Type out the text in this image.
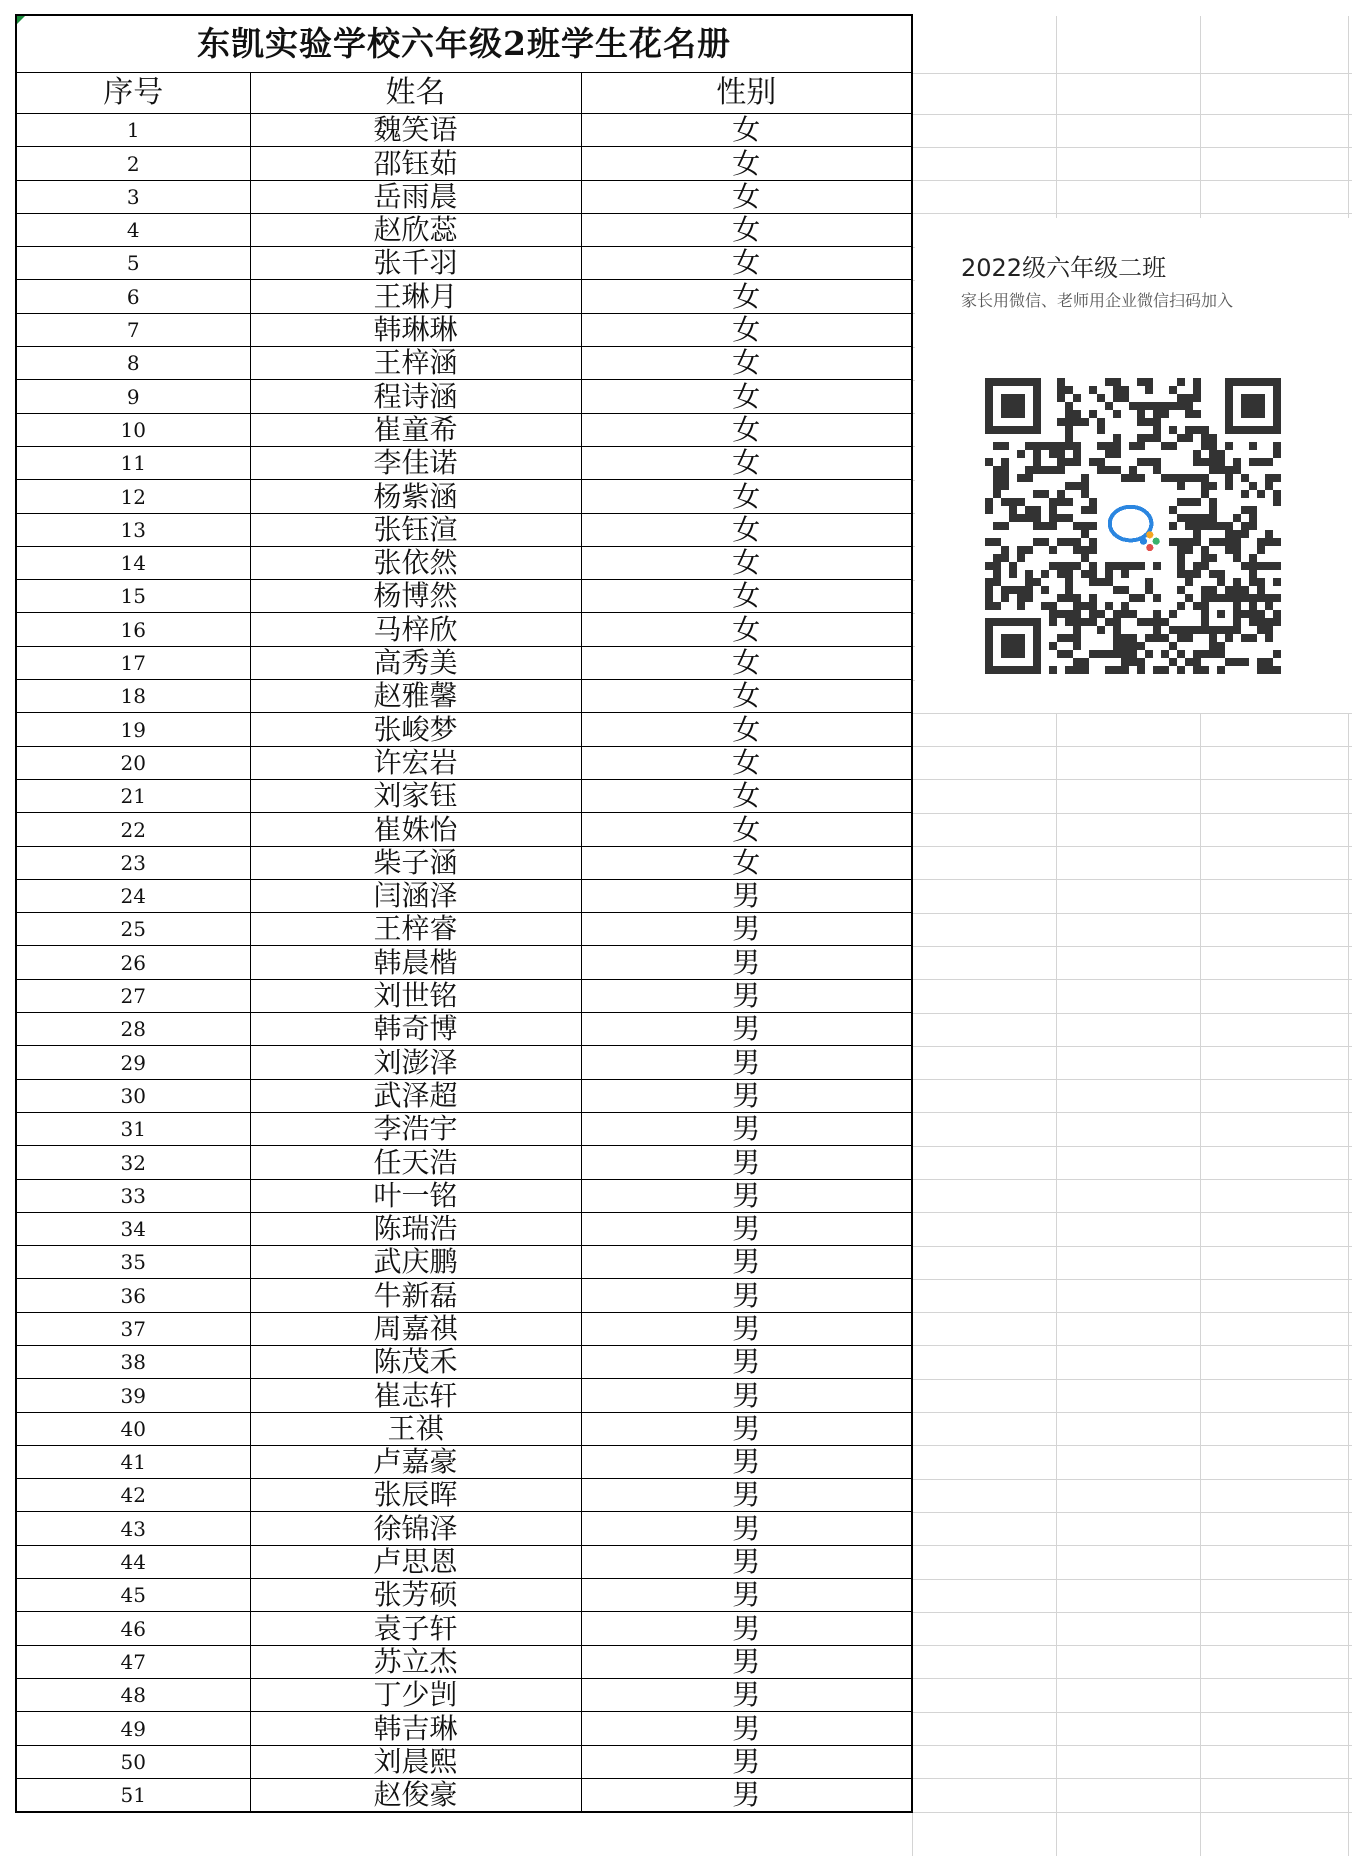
东凯实验学校六年级2班学生花名册		
序号	姓名	性别
1	魏笑语	女
2	邵钰茹	女
3	岳雨晨	女
4	赵欣蕊	女
5	张千羽	女
6	王琳月	女
7	韩琳琳	女
8	王梓涵	女
9	程诗涵	女
10	崔童希	女
11	李佳诺	女
12	杨紫涵	女
13	张钰渲	女
14	张依然	女
15	杨博然	女
16	马梓欣	女
17	高秀美	女
18	赵雅馨	女
19	张峻梦	女
20	许宏岩	女
21	刘家钰	女
22	崔姝怡	女
23	柴子涵	女
24	闫涵泽	男
25	王梓睿	男
26	韩晨楷	男
27	刘世铭	男
28	韩奇博	男
29	刘澎泽	男
30	武泽超	男
31	李浩宇	男
32	任天浩	男
33	叶一铭	男
34	陈瑞浩	男
35	武庆鹏	男
36	牛新磊	男
37	周嘉祺	男
38	陈茂禾	男
39	崔志轩	男
40	王祺	男
41	卢嘉豪	男
42	张辰晖	男
43	徐锦泽	男
44	卢思恩	男
45	张芳硕	男
46	袁子轩	男
47	苏立杰	男
48	丁少剀	男
49	韩吉琳	男
50	刘晨熙	男
51	赵俊豪	男
2022级六年级二班
家长用微信、老师用企业微信扫码加入
